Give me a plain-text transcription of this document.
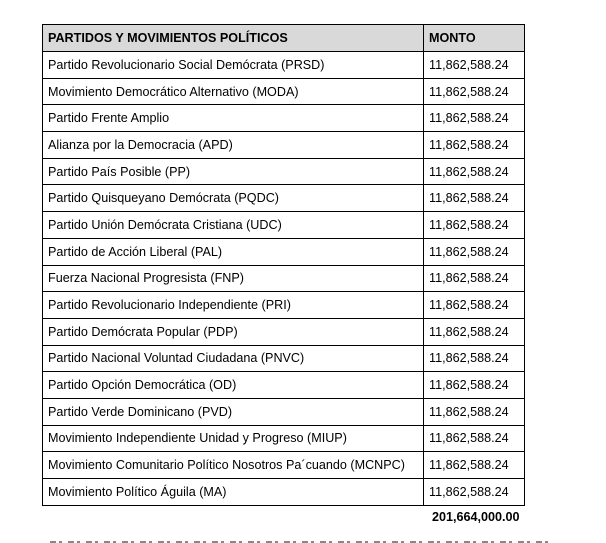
PARTIDOS Y MOVIMIENTOS POLÍTICOS	MONTO
Partido Revolucionario Social Demócrata (PRSD)	11,862,588.24
Movimiento Democrático Alternativo (MODA)	11,862,588.24
Partido Frente Amplio	11,862,588.24
Alianza por la Democracia (APD)	11,862,588.24
Partido País Posible (PP)	11,862,588.24
Partido Quisqueyano Demócrata (PQDC)	11,862,588.24
Partido Unión Demócrata Cristiana (UDC)	11,862,588.24
Partido de Acción Liberal (PAL)	11,862,588.24
Fuerza Nacional Progresista (FNP)	11,862,588.24
Partido Revolucionario Independiente (PRI)	11,862,588.24
Partido Demócrata Popular (PDP)	11,862,588.24
Partido Nacional Voluntad Ciudadana (PNVC)	11,862,588.24
Partido Opción Democrática (OD)	11,862,588.24
Partido Verde Dominicano (PVD)	11,862,588.24
Movimiento Independiente Unidad y Progreso (MIUP)	11,862,588.24
Movimiento Comunitario Político Nosotros Pa´cuando (MCNPC)	11,862,588.24
Movimiento Político Águila (MA)	11,862,588.24
201,664,000.00
